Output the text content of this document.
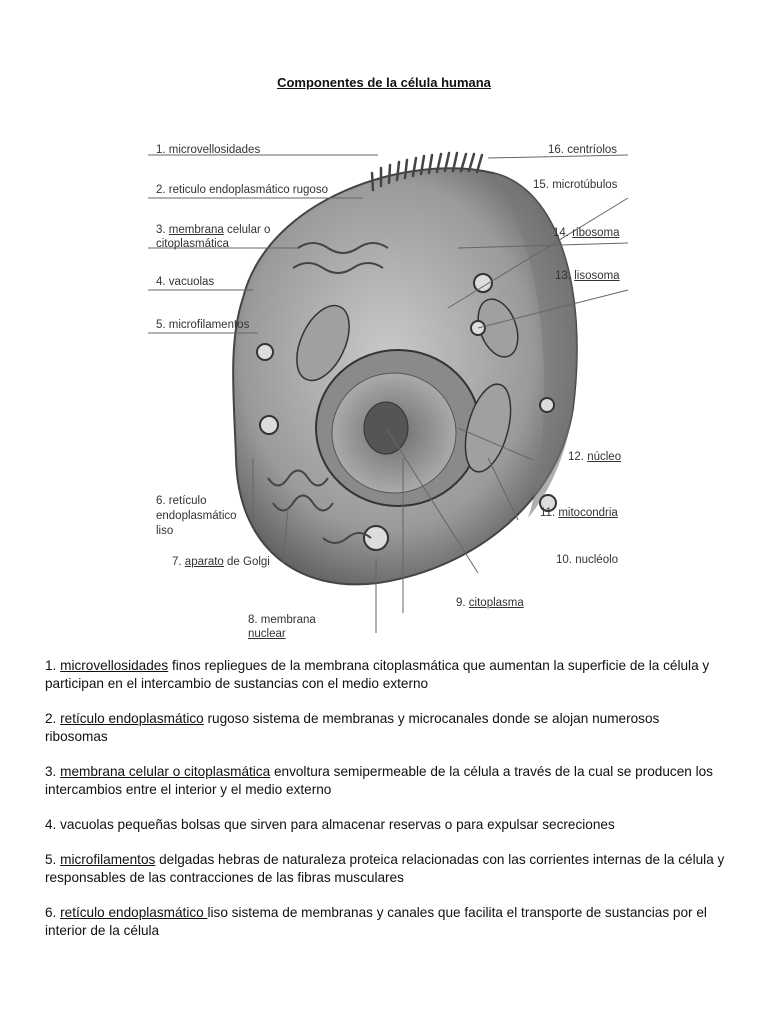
Componentes de la célula humana
1. microvellosidades
2. reticulo endoplasmático rugoso
3. membrana celular o
citoplasmática
4. vacuolas
5. microfilamentos
6. retículo
endoplasmático
liso
7. aparato de Golgi
8. membrana
nuclear
9. citoplasma
10. nucléolo
11. mitocondria
12. núcleo
13. lisosoma
14. ribosoma
15. microtúbulos
16. centríolos

1. microvellosidades finos repliegues de la membrana citoplasmática que aumentan la superficie de la célula y participan en el intercambio de sustancias con el medio externo

2. retículo endoplasmático rugoso sistema de membranas y microcanales donde se alojan numerosos ribosomas

3. membrana celular o citoplasmática envoltura semipermeable de la célula a través de la cual se producen los intercambios entre el interior y el medio externo

4. vacuolas pequeñas bolsas que sirven para almacenar reservas o para expulsar secreciones

5. microfilamentos delgadas hebras de naturaleza proteica relacionadas con las corrientes internas de la célula y responsables de las contracciones de las fibras musculares

6. retículo endoplasmático liso sistema de membranas y canales que facilita el transporte de sustancias por el interior de la célula
